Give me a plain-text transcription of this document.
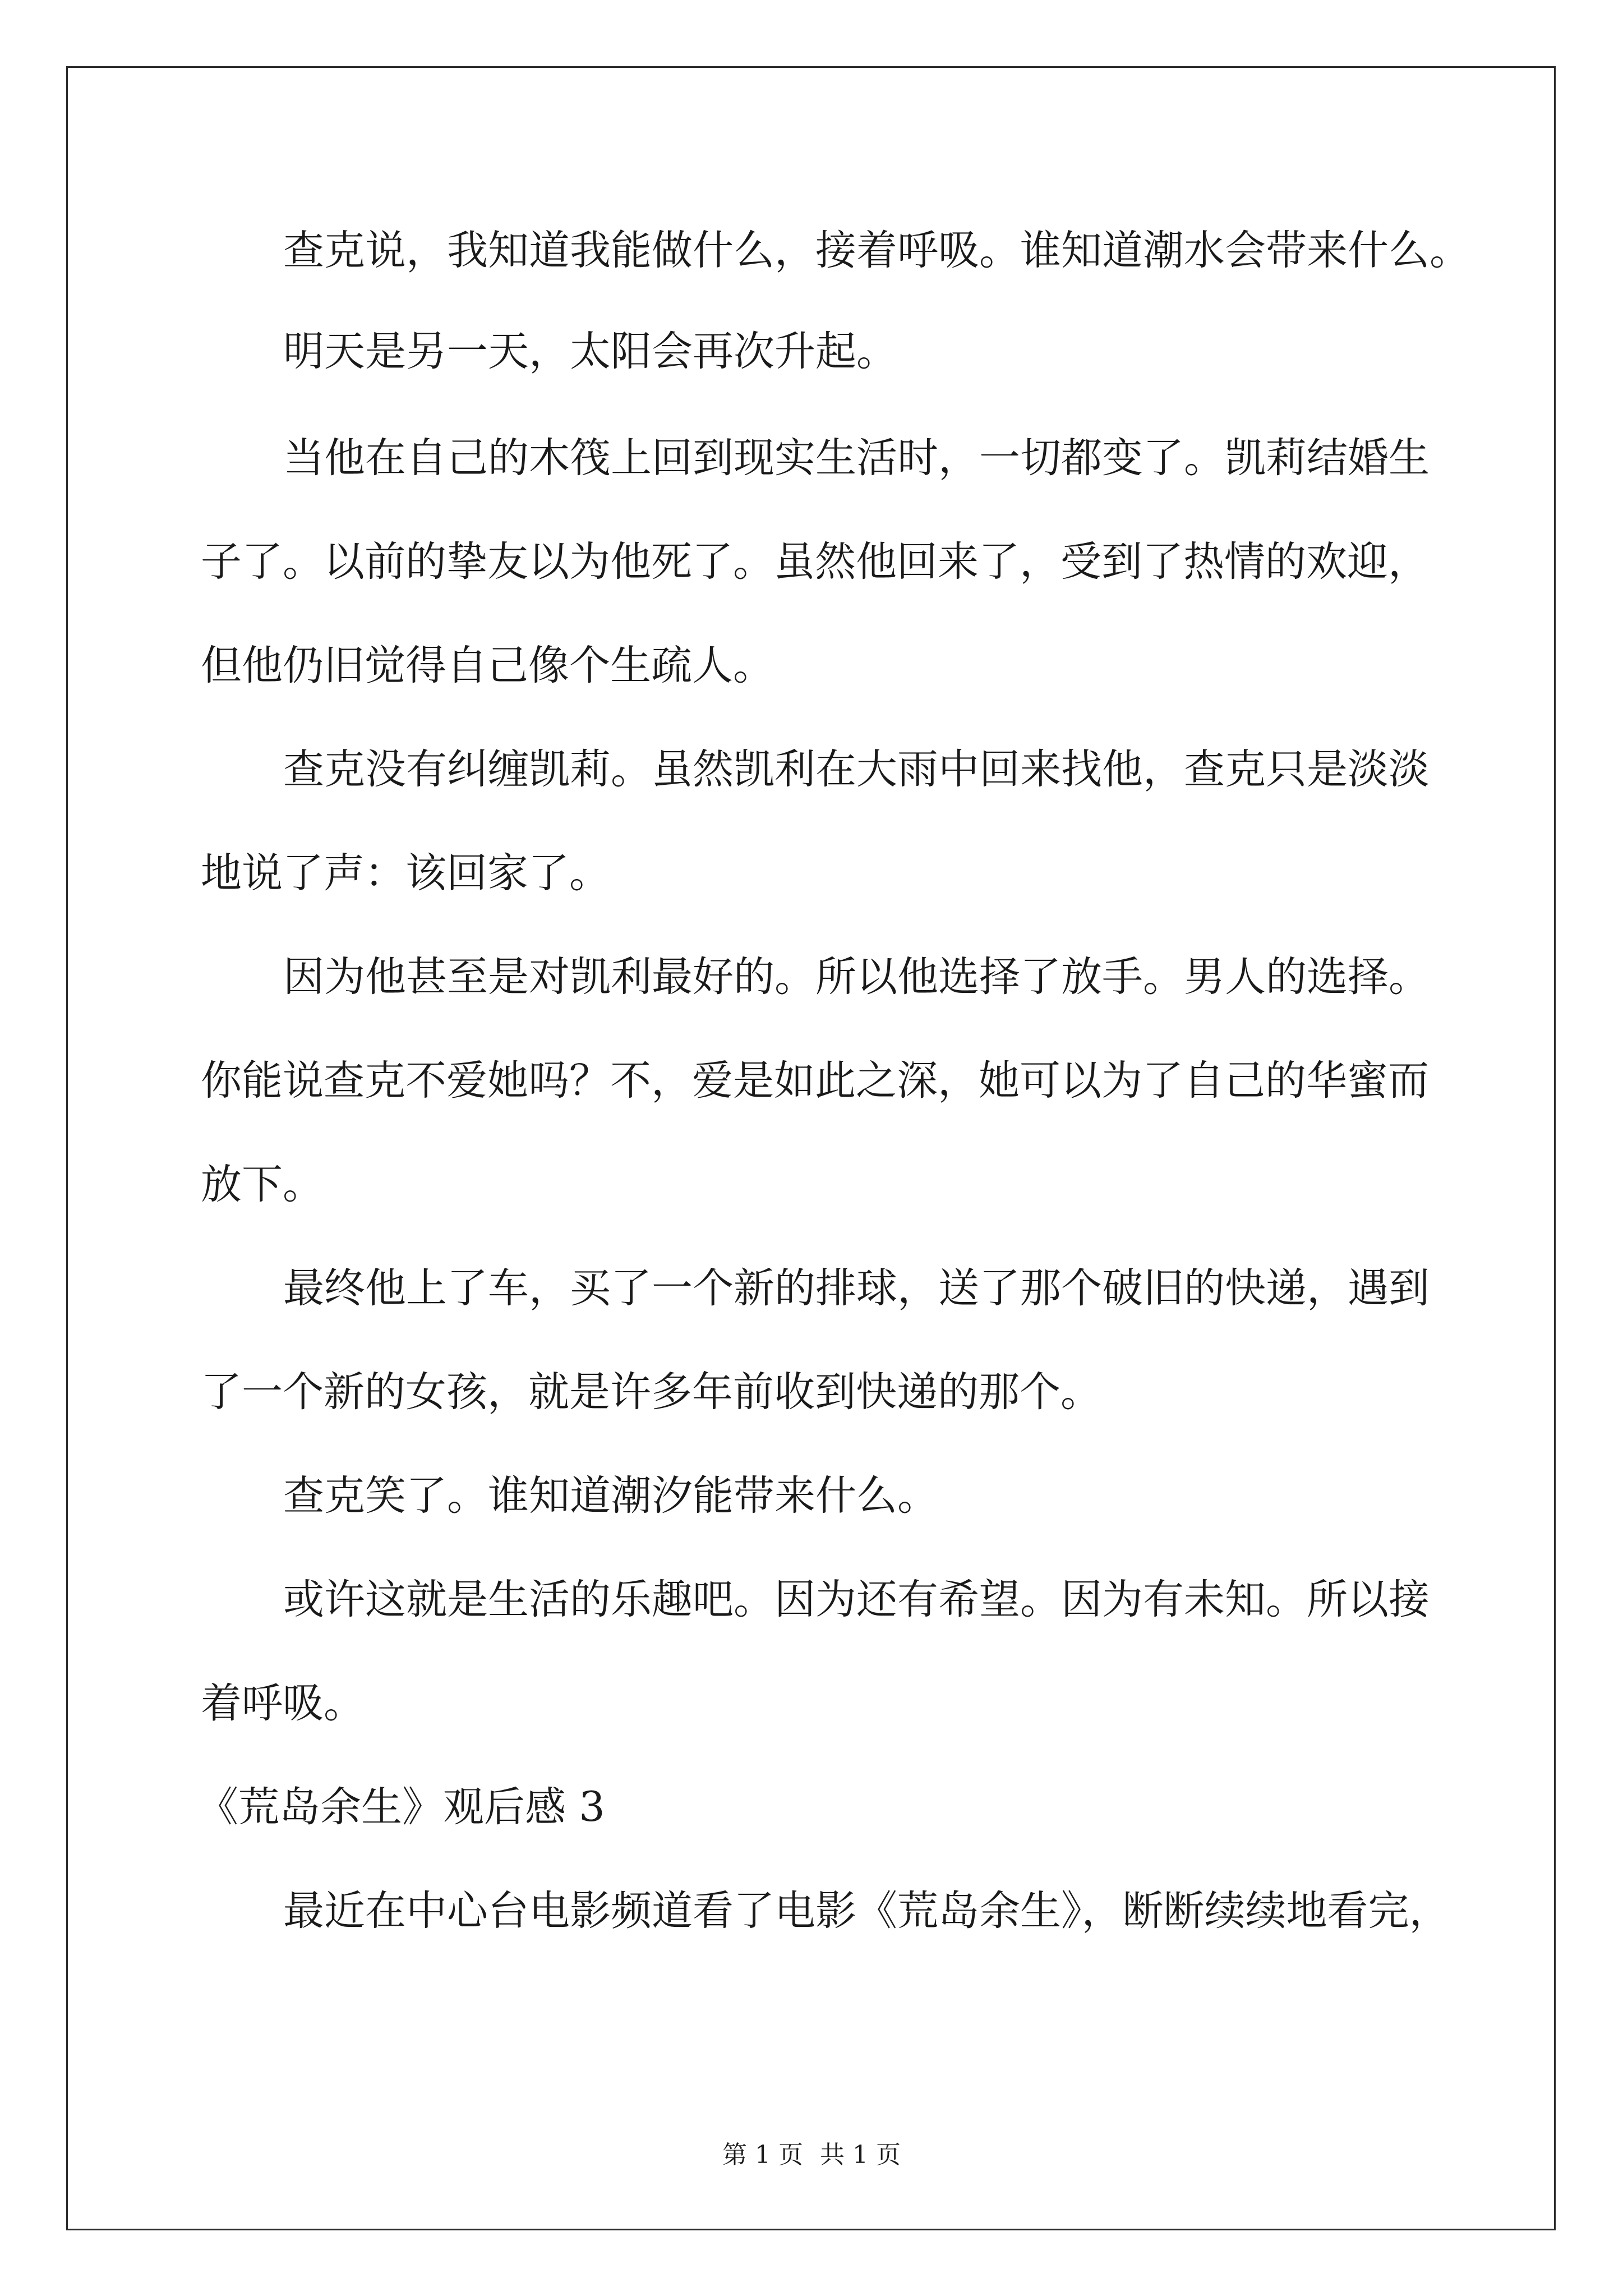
查克说，我知道我能做什么，接着呼吸。谁知道潮水会带来什么。
明天是另一天，太阳会再次升起。
当他在自己的木筏上回到现实生活时，一切都变了。凯莉结婚生
子了。以前的挚友以为他死了。虽然他回来了，受到了热情的欢迎，
但他仍旧觉得自己像个生疏人。
查克没有纠缠凯莉。虽然凯利在大雨中回来找他，查克只是淡淡
地说了声：该回家了。
因为他甚至是对凯利最好的。所以他选择了放手。男人的选择。
你能说查克不爱她吗？不，爱是如此之深，她可以为了自己的华蜜而
放下。
最终他上了车，买了一个新的排球，送了那个破旧的快递，遇到
了一个新的女孩，就是许多年前收到快递的那个。
查克笑了。谁知道潮汐能带来什么。
或许这就是生活的乐趣吧。因为还有希望。因为有未知。所以接
着呼吸。
《荒岛余生》观后感 3
最近在中心台电影频道看了电影《荒岛余生》，断断续续地看完，
第 1 页 共 1 页
